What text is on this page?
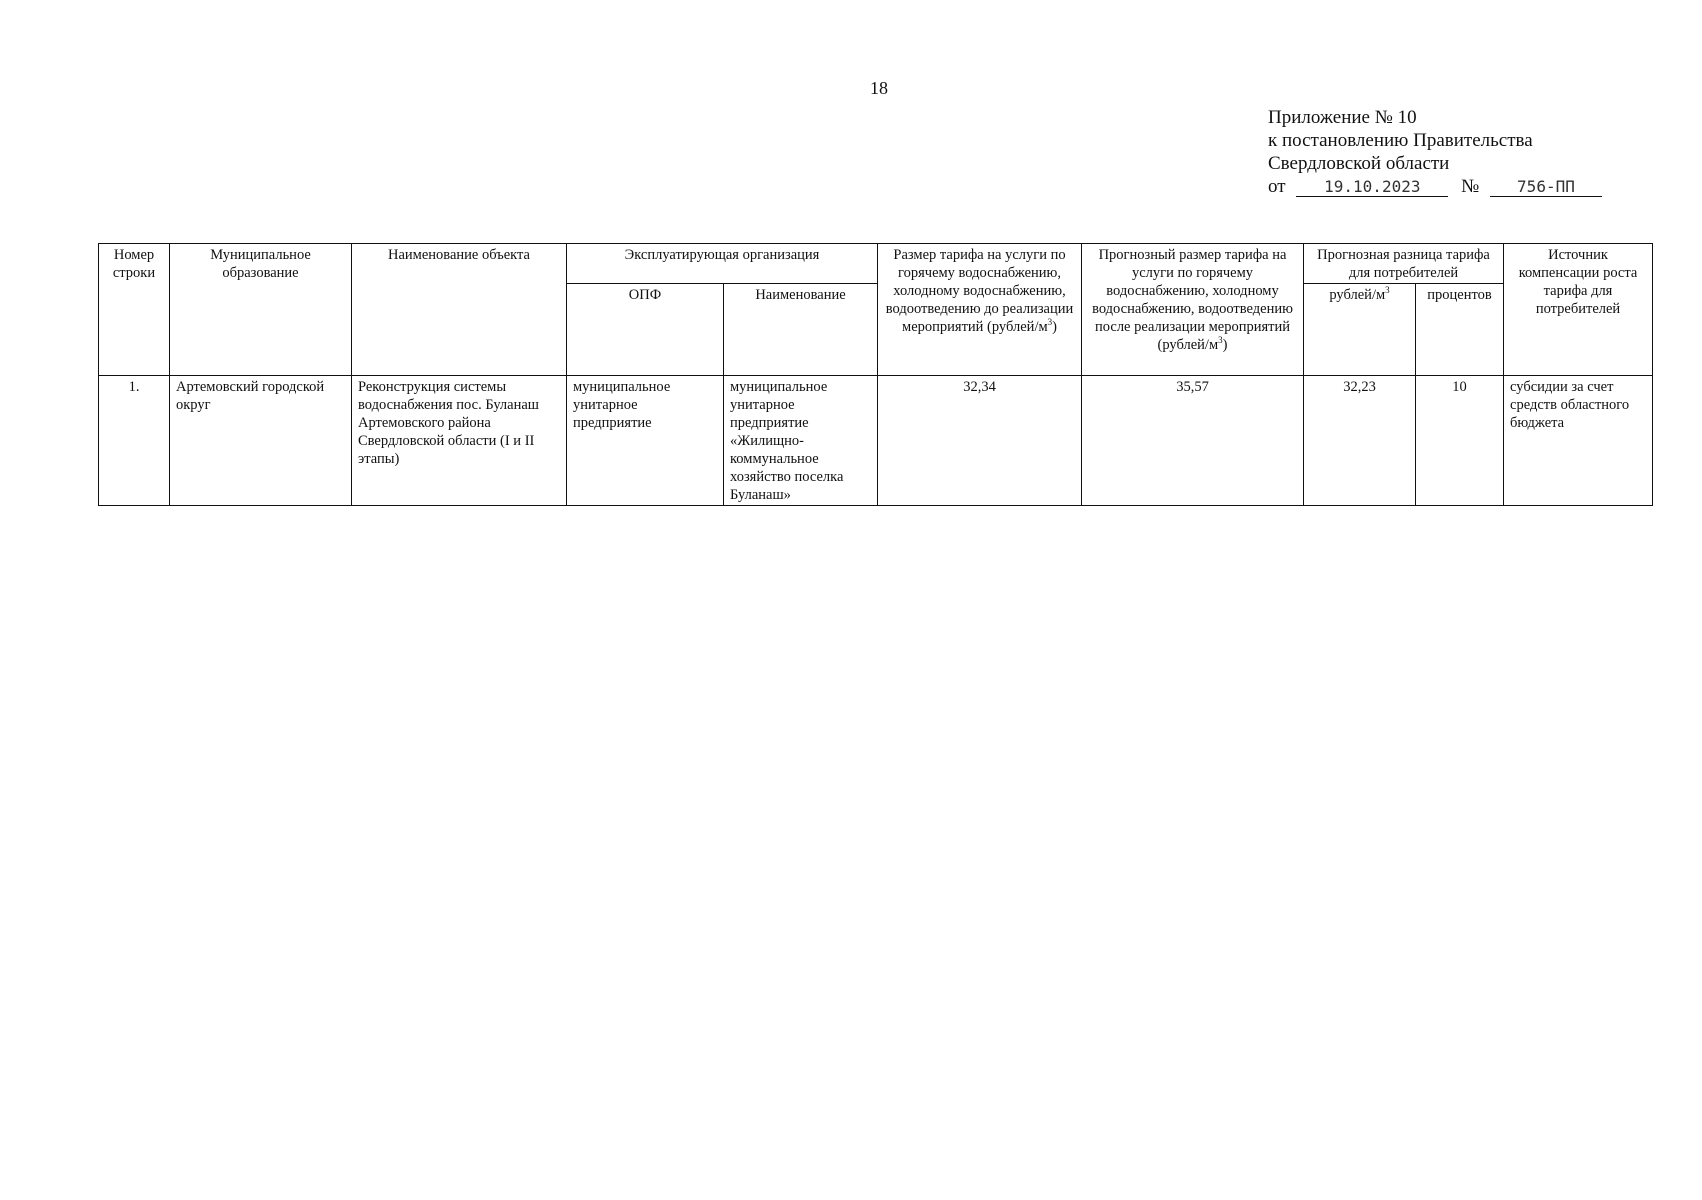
18
Приложение № 10
к постановлению Правительства
Свердловской области
от 19.10.2023 № 756-ПП
Номер строки	Муниципальное образование	Наименование объекта	Эксплуатирующая организация		Размер тарифа на услуги по горячему водоснабжению, холодному водоснабжению, водоотведению до реализации мероприятий $(рублей/м^3)$	Прогнозный размер тарифа на услуги по горячему водоснабжению, холодному водоснабжению, водоотведению после реализации мероприятий $(рублей/м^3)$	Прогнозная разница тарифа для потребителей		Источник компенсации роста тарифа для потребителей
			ОПФ	Наименование			рублей/$м^3$	процентов	
1.	Артемовский городской округ	Реконструкция системы водоснабжения пос. Буланаш Артемовского района Свердловской области (I и II этапы)	муниципальное унитарное предприятие	муниципальное унитарное предприятие «Жилищно-коммунальное хозяйство поселка Буланаш»	32,34	35,57	32,23	10	субсидии за счет средств областного бюджета
